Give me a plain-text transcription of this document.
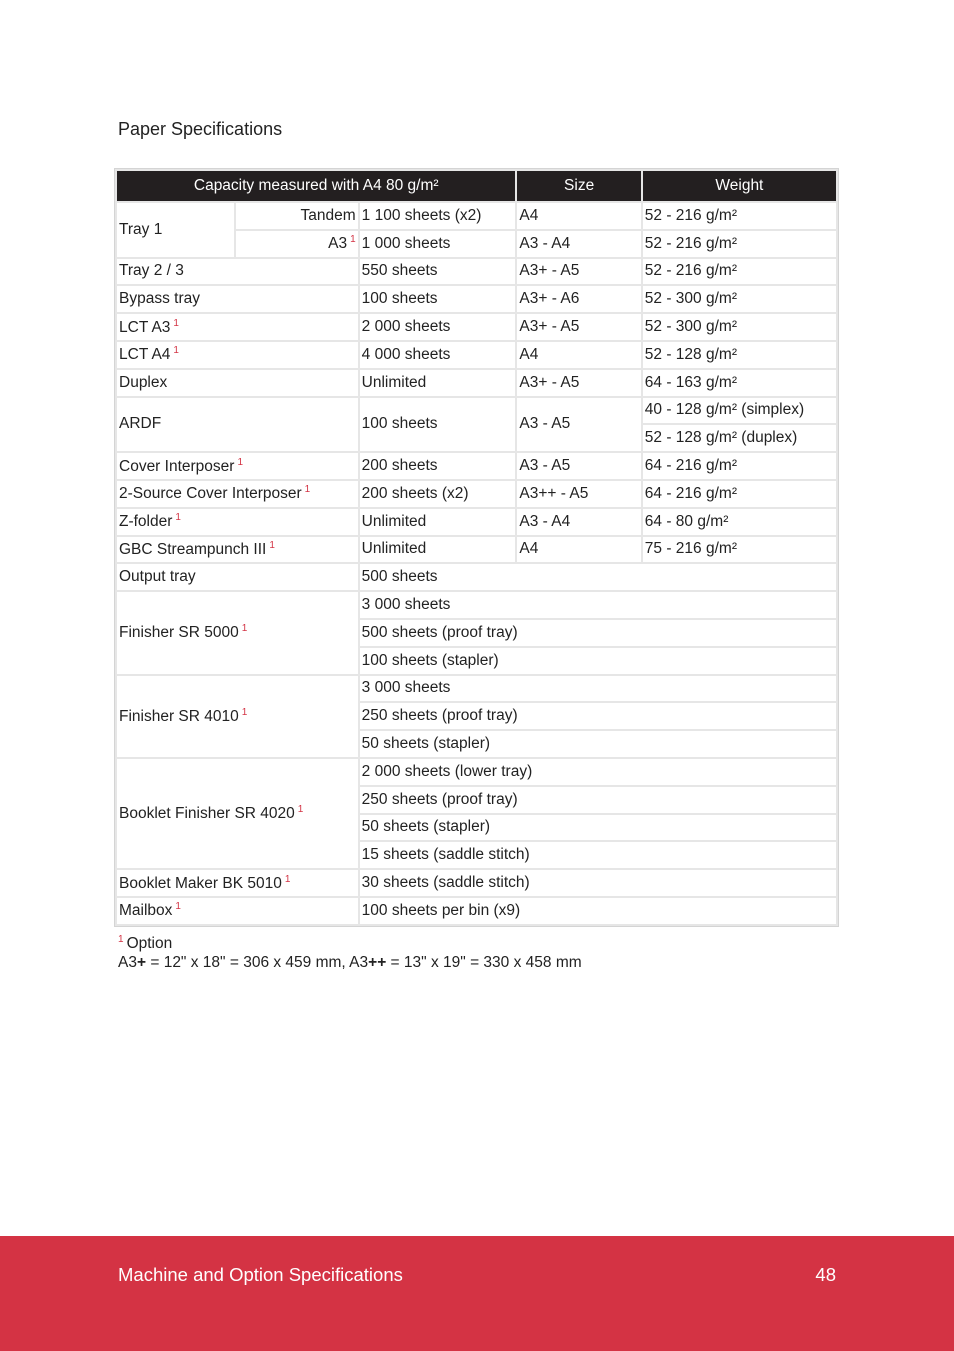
Paper Specifications
Capacity measured with A4 80 g/m²			Size	Weight
Tray 1	Tandem	1 100 sheets (x2)	A4	52 - 216 g/m²
	A3 $^1$	1 000 sheets	A3 - A4	52 - 216 g/m²
Tray 2 / 3		550 sheets	A3+ - A5	52 - 216 g/m²
Bypass tray		100 sheets	A3+ - A6	52 - 300 g/m²
LCT A3 $^1$		2 000 sheets	A3+ - A5	52 - 300 g/m²
LCT A4 $^1$		4 000 sheets	A4	52 - 128 g/m²
Duplex		Unlimited	A3+ - A5	64 - 163 g/m²
ARDF		100 sheets	A3 - A5	40 - 128 g/m² (simplex)
				52 - 128 g/m² (duplex)
Cover Interposer $^1$		200 sheets	A3 - A5	64 - 216 g/m²
2-Source Cover Interposer $^1$		200 sheets (x2)	A3++ - A5	64 - 216 g/m²
Z-folder $^1$		Unlimited	A3 - A4	64 - 80 g/m²
GBC Streampunch III $^1$		Unlimited	A4	75 - 216 g/m²
Output tray		500 sheets		
Finisher SR 5000 $^1$		3 000 sheets		
		500 sheets (proof tray)		
		100 sheets (stapler)		
Finisher SR 4010 $^1$		3 000 sheets		
		250 sheets (proof tray)		
		50 sheets (stapler)		
Booklet Finisher SR 4020 $^1$		2 000 sheets (lower tray)		
		250 sheets (proof tray)		
		50 sheets (stapler)		
		15 sheets (saddle stitch)		
Booklet Maker BK 5010 $^1$		30 sheets (saddle stitch)		
Mailbox $^1$		100 sheets per bin (x9)		
$^1$ Option
A3+ = 12" x 18" = 306 x 459 mm, A3++ = 13" x 19" = 330 x 458 mm
Machine and Option Specifications	48
